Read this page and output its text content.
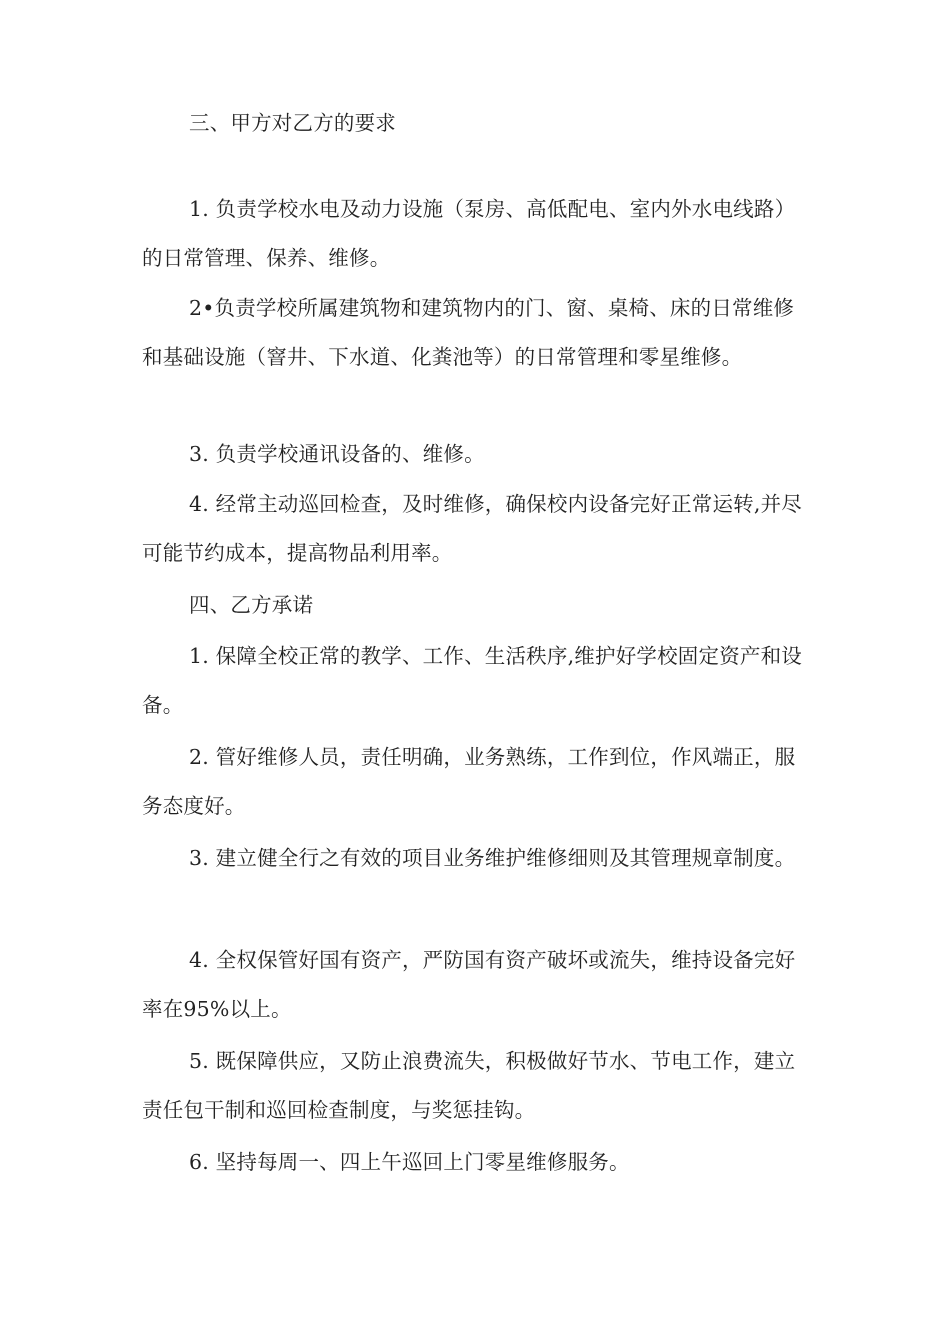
三、甲方对乙方的要求

1. 负责学校水电及动力设施（泵房、高低配电、室内外水电线路）的日常管理、保养、维修。

2•负责学校所属建筑物和建筑物内的门、窗、桌椅、床的日常维修和基础设施（窨井、下水道、化粪池等）的日常管理和零星维修。

3. 负责学校通讯设备的、维修。

4. 经常主动巡回检查，及时维修，确保校内设备完好正常运转,并尽可能节约成本，提高物品利用率。

四、乙方承诺

1. 保障全校正常的教学、工作、生活秩序,维护好学校固定资产和设备。

2. 管好维修人员，责任明确，业务熟练，工作到位，作风端正，服务态度好。

3. 建立健全行之有效的项目业务维护维修细则及其管理规章制度。

4. 全权保管好国有资产，严防国有资产破坏或流失，维持设备完好率在95%以上。

5. 既保障供应，又防止浪费流失，积极做好节水、节电工作，建立责任包干制和巡回检查制度，与奖惩挂钩。

6. 坚持每周一、四上午巡回上门零星维修服务。
